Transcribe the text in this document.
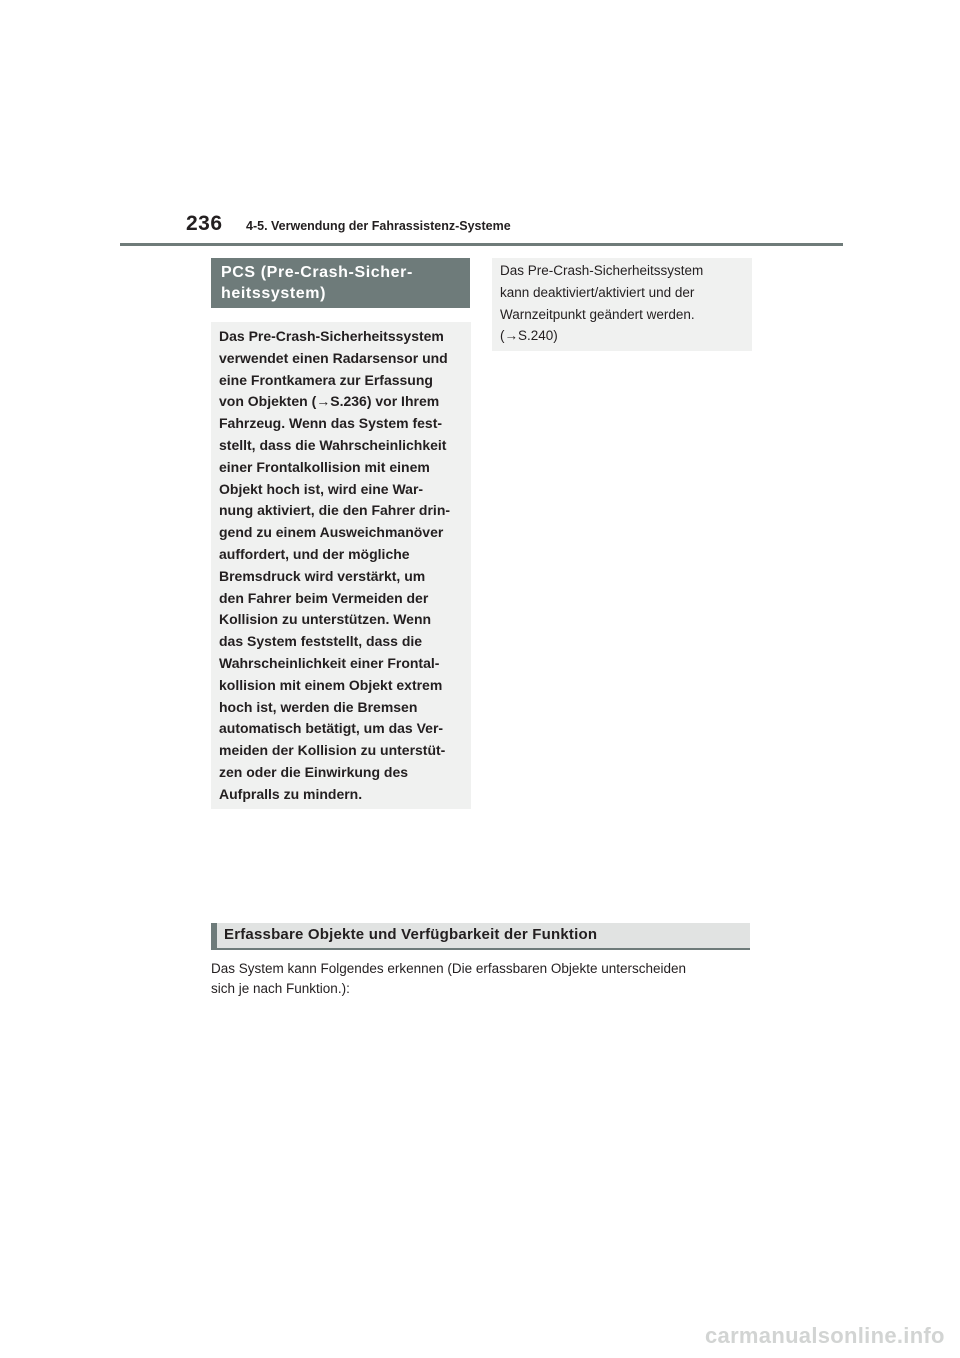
236 4-5. Verwendung der Fahrassistenz-Systeme
PCS (Pre-Crash-Sicher-
heitssystem)
Das Pre-Crash-Sicherheitssystem
verwendet einen Radarsensor und
eine Frontkamera zur Erfassung
von Objekten (→S.236) vor Ihrem
Fahrzeug. Wenn das System fest-
stellt, dass die Wahrscheinlichkeit
einer Frontalkollision mit einem
Objekt hoch ist, wird eine War-
nung aktiviert, die den Fahrer drin-
gend zu einem Ausweichmanöver
auffordert, und der mögliche
Bremsdruck wird verstärkt, um
den Fahrer beim Vermeiden der
Kollision zu unterstützen. Wenn
das System feststellt, dass die
Wahrscheinlichkeit einer Frontal-
kollision mit einem Objekt extrem
hoch ist, werden die Bremsen
automatisch betätigt, um das Ver-
meiden der Kollision zu unterstüt-
zen oder die Einwirkung des
Aufpralls zu mindern.
Das Pre-Crash-Sicherheitssystem
kann deaktiviert/aktiviert und der
Warnzeitpunkt geändert werden.
(→S.240)
Erfassbare Objekte und Verfügbarkeit der Funktion
Das System kann Folgendes erkennen (Die erfassbaren Objekte unterscheiden
sich je nach Funktion.):
carmanualsonline.info
